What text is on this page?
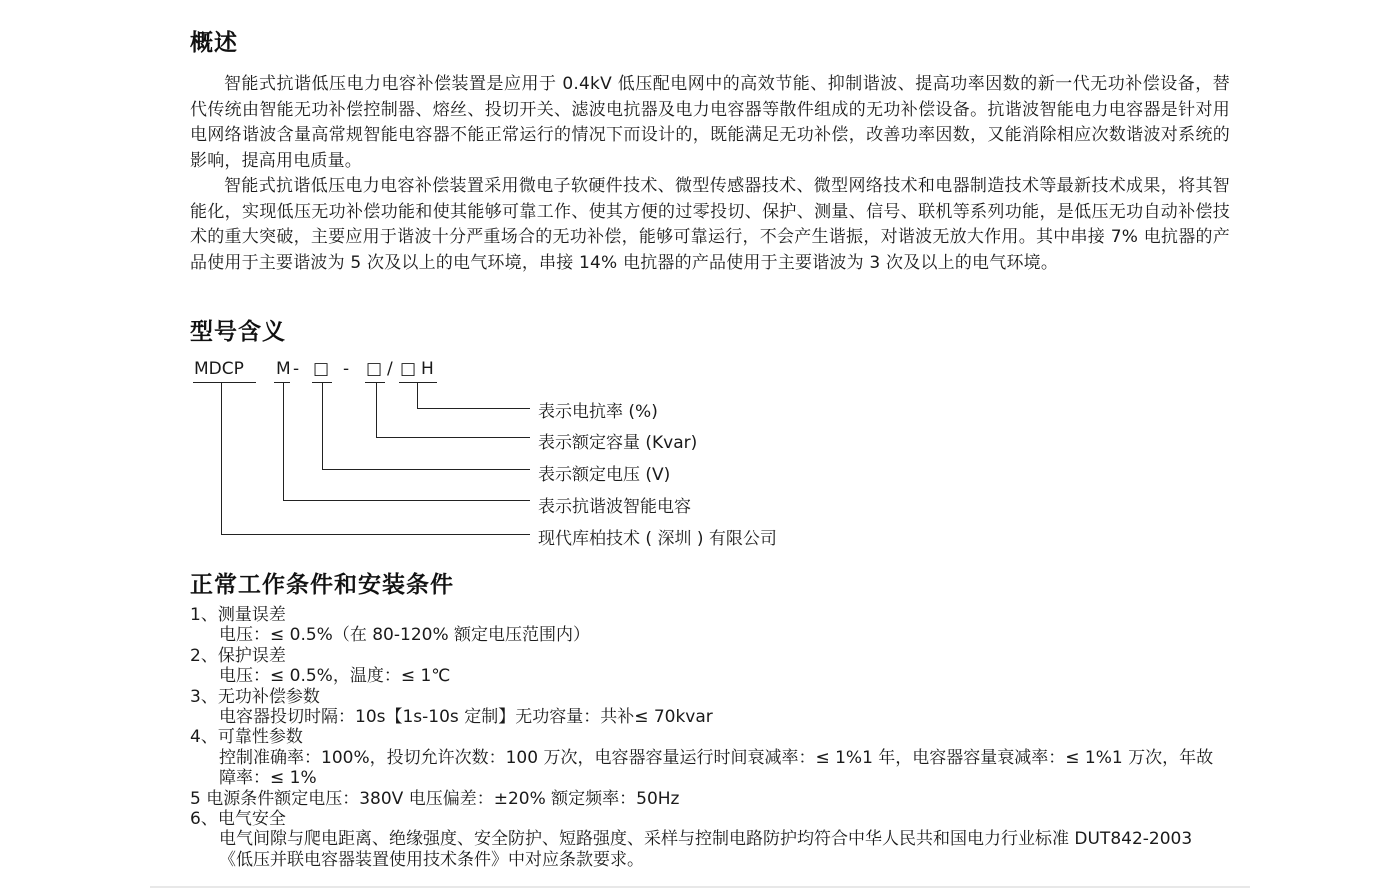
概述

智能式抗谐低压电力电容补偿装置是应用于 0.4kV 低压配电网中的高效节能、抑制谐波、提高功率因数的新一代无功补偿设备，替代传统由智能无功补偿控制器、熔丝、投切开关、滤波电抗器及电力电容器等散件组成的无功补偿设备。抗谐波智能电力电容器是针对用电网络谐波含量高常规智能电容器不能正常运行的情况下而设计的，既能满足无功补偿，改善功率因数，又能消除相应次数谐波对系统的影响，提高用电质量。

智能式抗谐低压电力电容补偿装置采用微电子软硬件技术、微型传感器技术、微型网络技术和电器制造技术等最新技术成果，将其智能化，实现低压无功补偿功能和使其能够可靠工作、使其方便的过零投切、保护、测量、信号、联机等系列功能，是低压无功自动补偿技术的重大突破，主要应用于谐波十分严重场合的无功补偿，能够可靠运行，不会产生谐振，对谐波无放大作用。其中串接 7% 电抗器的产品使用于主要谐波为 5 次及以上的电气环境，串接 14% 电抗器的产品使用于主要谐波为 3 次及以上的电气环境。

型号含义
MDCP M - □ - □ / □ H
表示电抗率 (%)
表示额定容量 (Kvar)
表示额定电压 (V)
表示抗谐波智能电容
现代库柏技术 ( 深圳 ) 有限公司
正常工作条件和安装条件
1、测量误差
电压：≤ 0.5%（在 80-120% 额定电压范围内）
2、保护误差
电压：≤ 0.5%，温度：≤ 1℃
3、无功补偿参数
电容器投切时隔：10s【1s-10s 定制】无功容量：共补≤ 70kvar
4、可靠性参数
控制准确率：100%，投切允许次数：100 万次，电容器容量运行时间衰减率：≤ 1%1 年，电容器容量衰减率：≤ 1%1 万次，年故障率：≤ 1%
5 电源条件额定电压：380V 电压偏差：±20% 额定频率：50Hz
6、电气安全
电气间隙与爬电距离、绝缘强度、安全防护、短路强度、采样与控制电路防护均符合中华人民共和国电力行业标准 DUT842-2003《低压并联电容器装置使用技术条件》中对应条款要求。
